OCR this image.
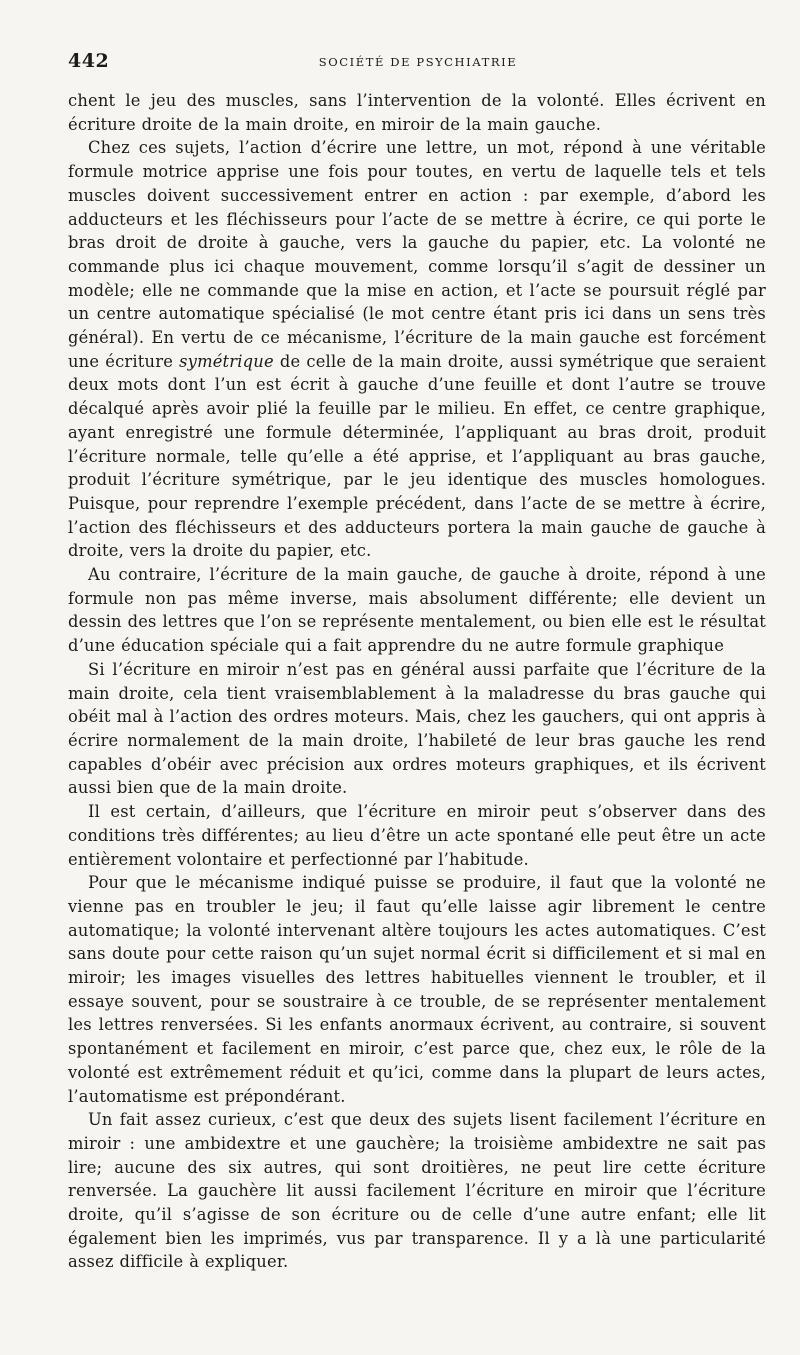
442	SOCIÉTÉ DE PSYCHIATRIE

chent le jeu des muscles, sans l’intervention de la volonté. Elles écrivent en écriture droite de la main droite, en miroir de la main gauche.

Chez ces sujets, l’action d’écrire une lettre, un mot, répond à une véritable formule motrice apprise une fois pour toutes, en vertu de laquelle tels et tels muscles doivent successivement entrer en action : par exemple, d’abord les adducteurs et les fléchisseurs pour l’acte de se mettre à écrire, ce qui porte le bras droit de droite à gauche, vers la gauche du papier, etc. La volonté ne commande plus ici chaque mouvement, comme lorsqu’il s’agit de dessiner un modèle; elle ne commande que la mise en action, et l’acte se poursuit réglé par un centre automatique spécialisé (le mot centre étant pris ici dans un sens très général). En vertu de ce mécanisme, l’écriture de la main gauche est forcément une écriture symétrique de celle de la main droite, aussi symétrique que seraient deux mots dont l’un est écrit à gauche d’une feuille et dont l’autre se trouve décalqué après avoir plié la feuille par le milieu. En effet, ce centre graphique, ayant enregistré une formule déterminée, l’appliquant au bras droit, produit l’écriture normale, telle qu’elle a été apprise, et l’appliquant au bras gauche, produit l’écriture symétrique, par le jeu identique des muscles homologues. Puisque, pour reprendre l’exemple précédent, dans l’acte de se mettre à écrire, l’action des fléchisseurs et des adducteurs portera la main gauche de gauche à droite, vers la droite du papier, etc.

Au contraire, l’écriture de la main gauche, de gauche à droite, répond à une formule non pas même inverse, mais absolument différente; elle devient un dessin des lettres que l’on se représente mentalement, ou bien elle est le résultat d’une éducation spéciale qui a fait apprendre du ne autre formule graphique

Si l’écriture en miroir n’est pas en général aussi parfaite que l’écriture de la main droite, cela tient vraisemblablement à la maladresse du bras gauche qui obéit mal à l’action des ordres moteurs. Mais, chez les gauchers, qui ont appris à écrire normalement de la main droite, l’habileté de leur bras gauche les rend capables d’obéir avec précision aux ordres moteurs graphiques, et ils écrivent aussi bien que de la main droite.

Il est certain, d’ailleurs, que l’écriture en miroir peut s’observer dans des conditions très différentes; au lieu d’être un acte spontané elle peut être un acte entièrement volontaire et perfectionné par l’habitude.

Pour que le mécanisme indiqué puisse se produire, il faut que la volonté ne vienne pas en troubler le jeu; il faut qu’elle laisse agir librement le centre automatique; la volonté intervenant altère toujours les actes automatiques. C’est sans doute pour cette raison qu’un sujet normal écrit si difficilement et si mal en miroir; les images visuelles des lettres habituelles viennent le troubler, et il essaye souvent, pour se soustraire à ce trouble, de se représenter mentalement les lettres renversées. Si les enfants anormaux écrivent, au contraire, si souvent spontanément et facilement en miroir, c’est parce que, chez eux, le rôle de la volonté est extrêmement réduit et qu’ici, comme dans la plupart de leurs actes, l’automatisme est prépondérant.

Un fait assez curieux, c’est que deux des sujets lisent facilement l’écriture en miroir : une ambidextre et une gauchère; la troisième ambidextre ne sait pas lire; aucune des six autres, qui sont droitières, ne peut lire cette écriture renversée. La gauchère lit aussi facilement l’écriture en miroir que l’écriture droite, qu’il s’agisse de son écriture ou de celle d’une autre enfant; elle lit également bien les imprimés, vus par transparence. Il y a là une particularité assez difficile à expliquer.
